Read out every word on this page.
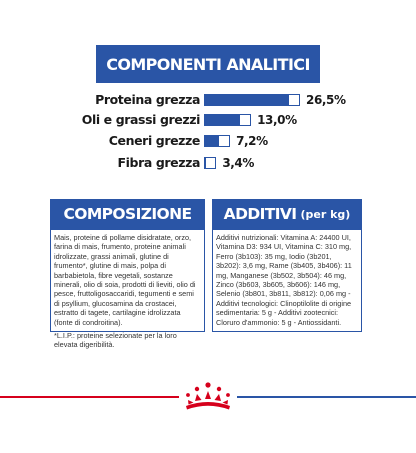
COMPONENTI ANALITICI
Proteina grezza	26,5%
Oli e grassi grezzi	13,0%
Ceneri grezze	7,2%
Fibra grezza 3,4%
COMPOSIZIONE ADDITIVI (per kg)

Mais, proteine di pollame disidratate, orzo, farina di mais, frumento, proteine animali idrolizzate, grassi animali, glutine di frumento*, glutine di mais, polpa di barbabietola, fibre vegetali, sostanze minerali, olio di soia, prodotti di lieviti, olio di pesce, fruttoligosaccaridi, tegumenti e semi di psyllium, glucosamina da crostacei, estratto di tagete, cartilagine idrolizzata (fonte di condroitina).

*L.I.P.: proteine selezionate per la loro elevata digeribilità.

Additivi nutrizionali: Vitamina A: 24400 UI, Vitamina D3: 934 UI, Vitamina C: 310 mg, Ferro (3b103): 35 mg, Iodio (3b201, 3b202): 3,6 mg, Rame (3b405, 3b406): 11 mg, Manganese (3b502, 3b504): 46 mg, Zinco (3b603, 3b605, 3b606): 146 mg, Selenio (3b801, 3b811, 3b812): 0,06 mg - Additivi tecnologici: Clinoptilolite di origine sedimentaria: 5 g - Additivi zootecnici: Cloruro d'ammonio: 5 g - Antiossidanti.
